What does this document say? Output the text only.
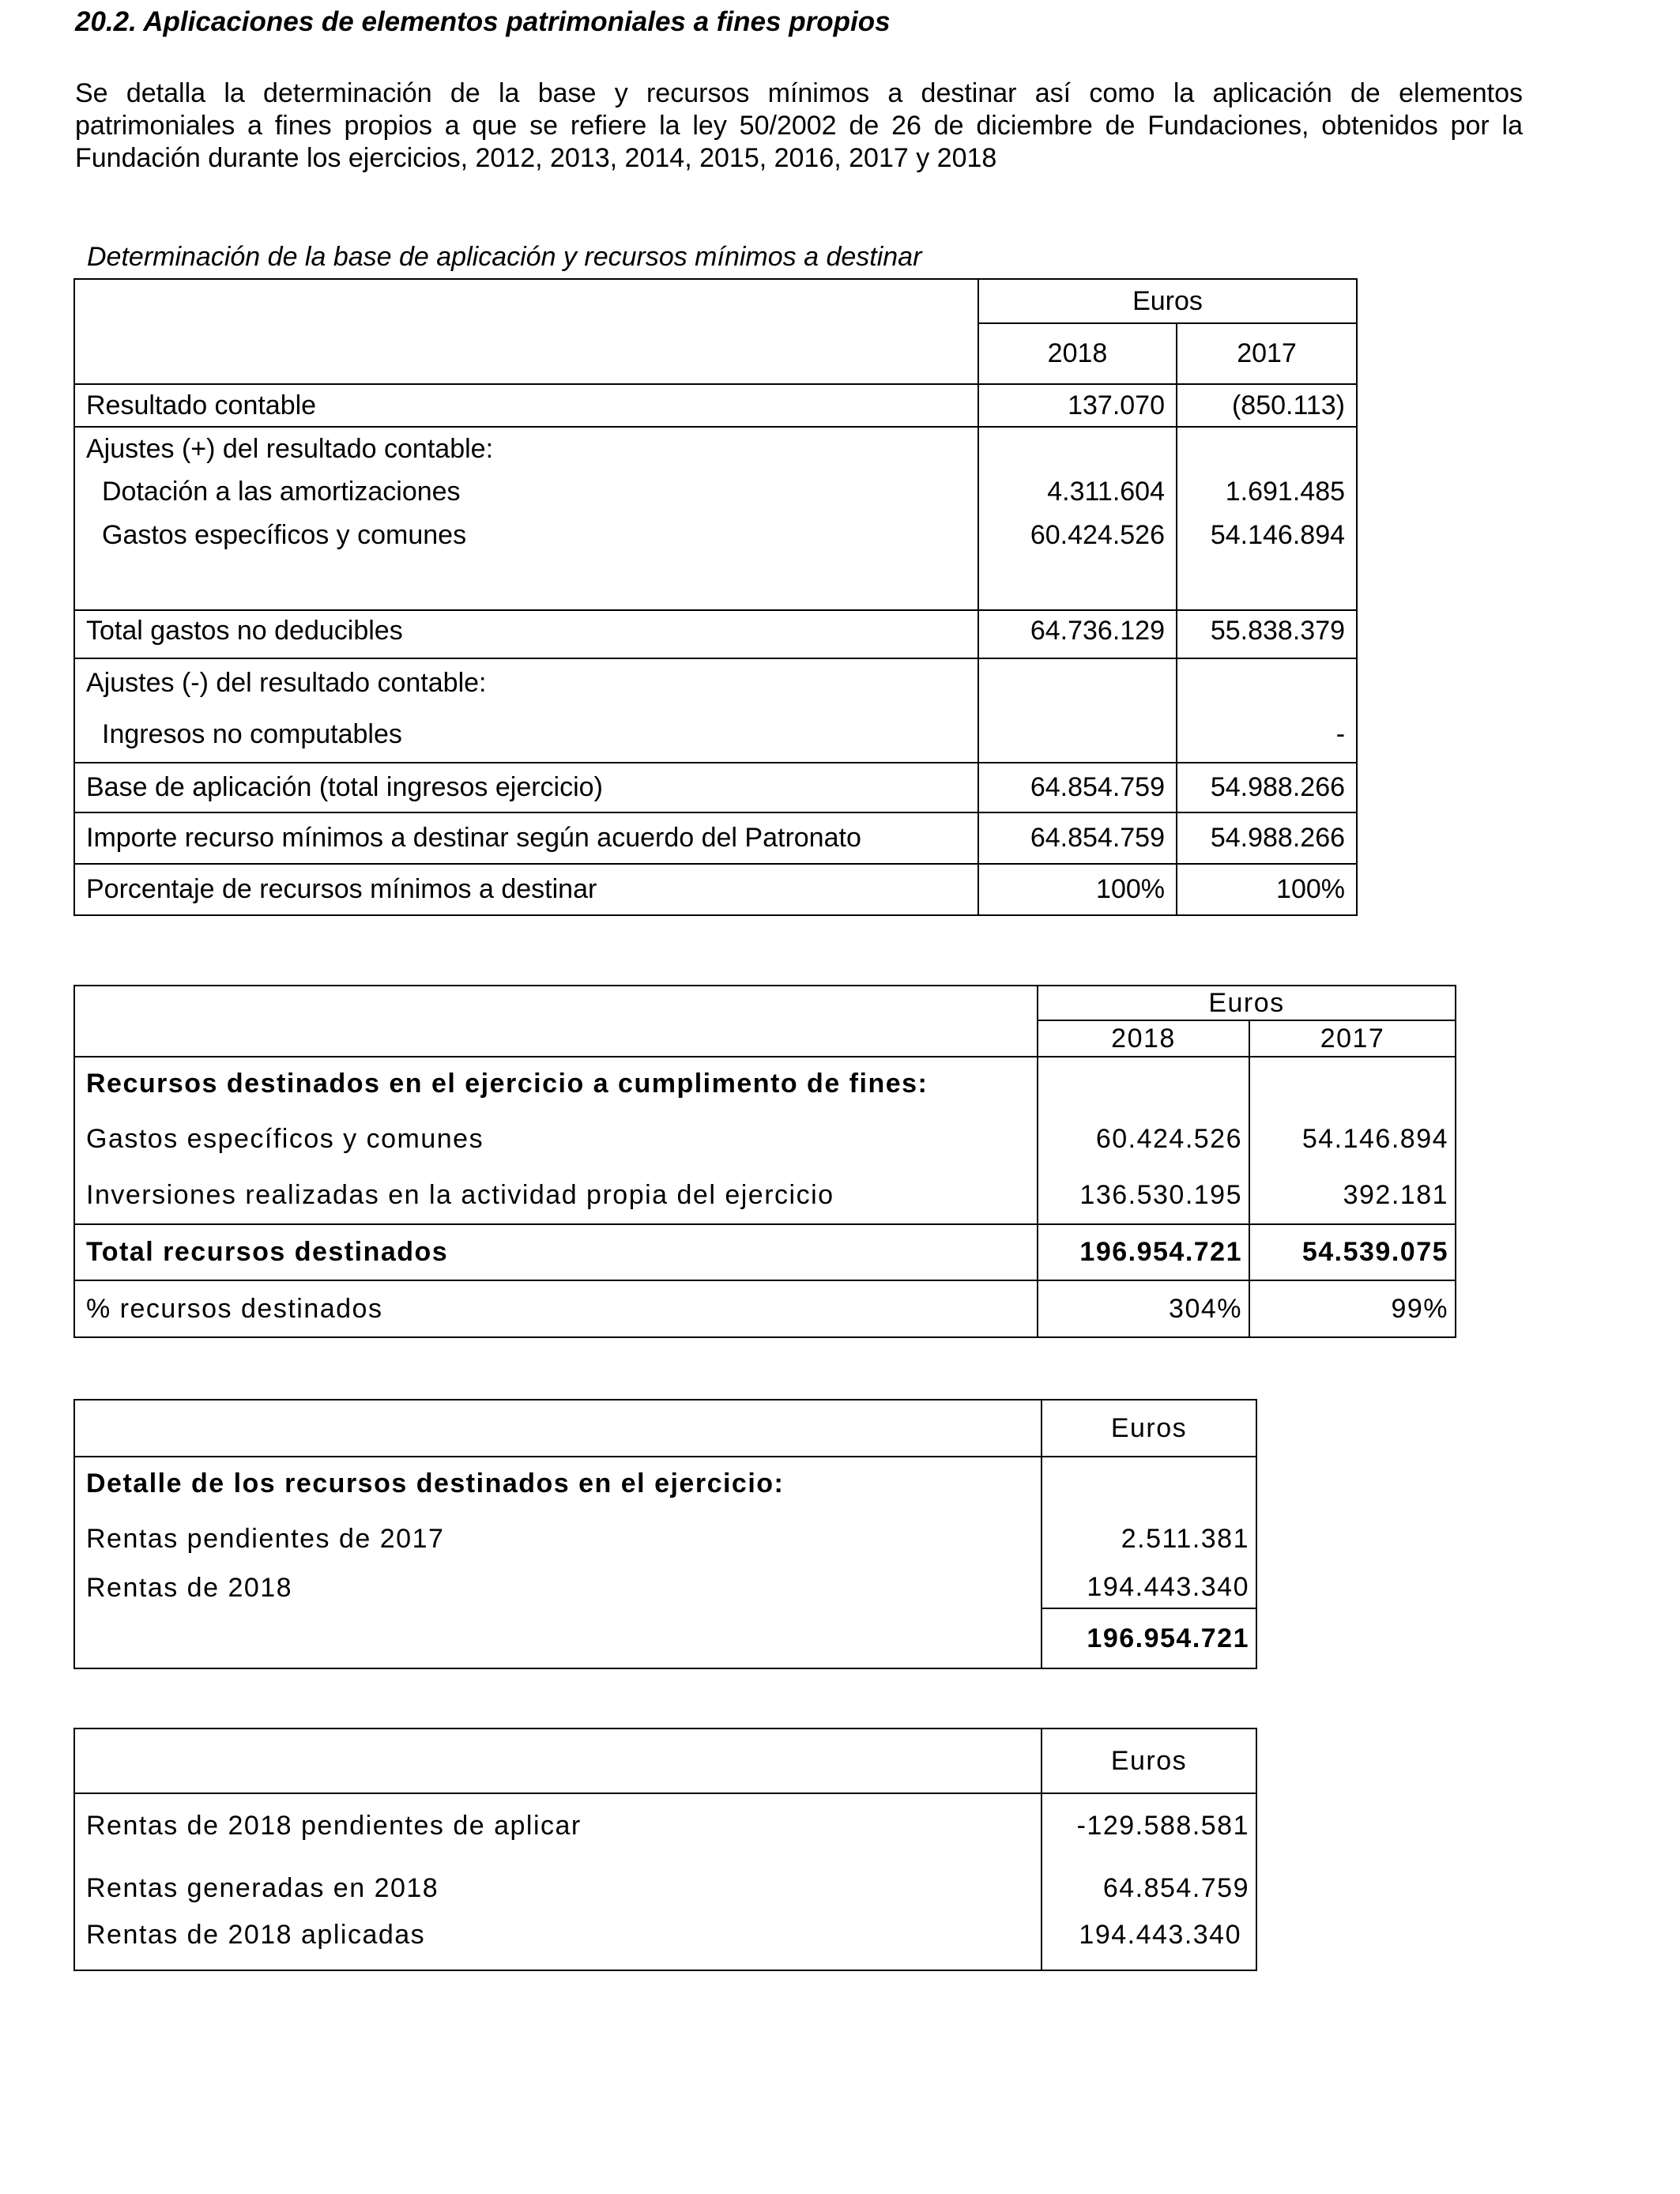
20.2. Aplicaciones de elementos patrimoniales a fines propios

Se detalla la determinación de la base y recursos mínimos a destinar así como la aplicación de elementos

patrimoniales a fines propios a que se refiere la ley 50/2002 de 26 de diciembre de Fundaciones, obtenidos por la

Fundación durante los ejercicios, 2012, 2013, 2014, 2015, 2016, 2017 y 2018

Determinación de la base de aplicación y recursos mínimos a destinar
	Euros	
	2018	2017
Resultado contable	137.070	(850.113)
Ajustes (+) del resultado contable:		
Dotación a las amortizaciones	4.311.604	1.691.485
Gastos específicos y comunes	60.424.526	54.146.894

Total gastos no deducibles	64.736.129	55.838.379
Ajustes (-) del resultado contable:		
Ingresos no computables		-
Base de aplicación (total ingresos ejercicio)	64.854.759	54.988.266
Importe recurso mínimos a destinar según acuerdo del Patronato	64.854.759	54.988.266
Porcentaje de recursos mínimos a destinar	100%	100%
	Euros	
	2018	2017
Recursos destinados en el ejercicio a cumplimento de fines:		
Gastos específicos y comunes	60.424.526	54.146.894
Inversiones realizadas en la actividad propia del ejercicio	136.530.195	392.181
Total recursos destinados	196.954.721	54.539.075
% recursos destinados	304%	99%
	Euros
Detalle de los recursos destinados en el ejercicio:	
Rentas pendientes de 2017	2.511.381
Rentas de 2018	194.443.340
	196.954.721
	Euros
Rentas de 2018 pendientes de aplicar	-129.588.581
Rentas generadas en 2018	64.854.759
Rentas de 2018 aplicadas	194.443.340
